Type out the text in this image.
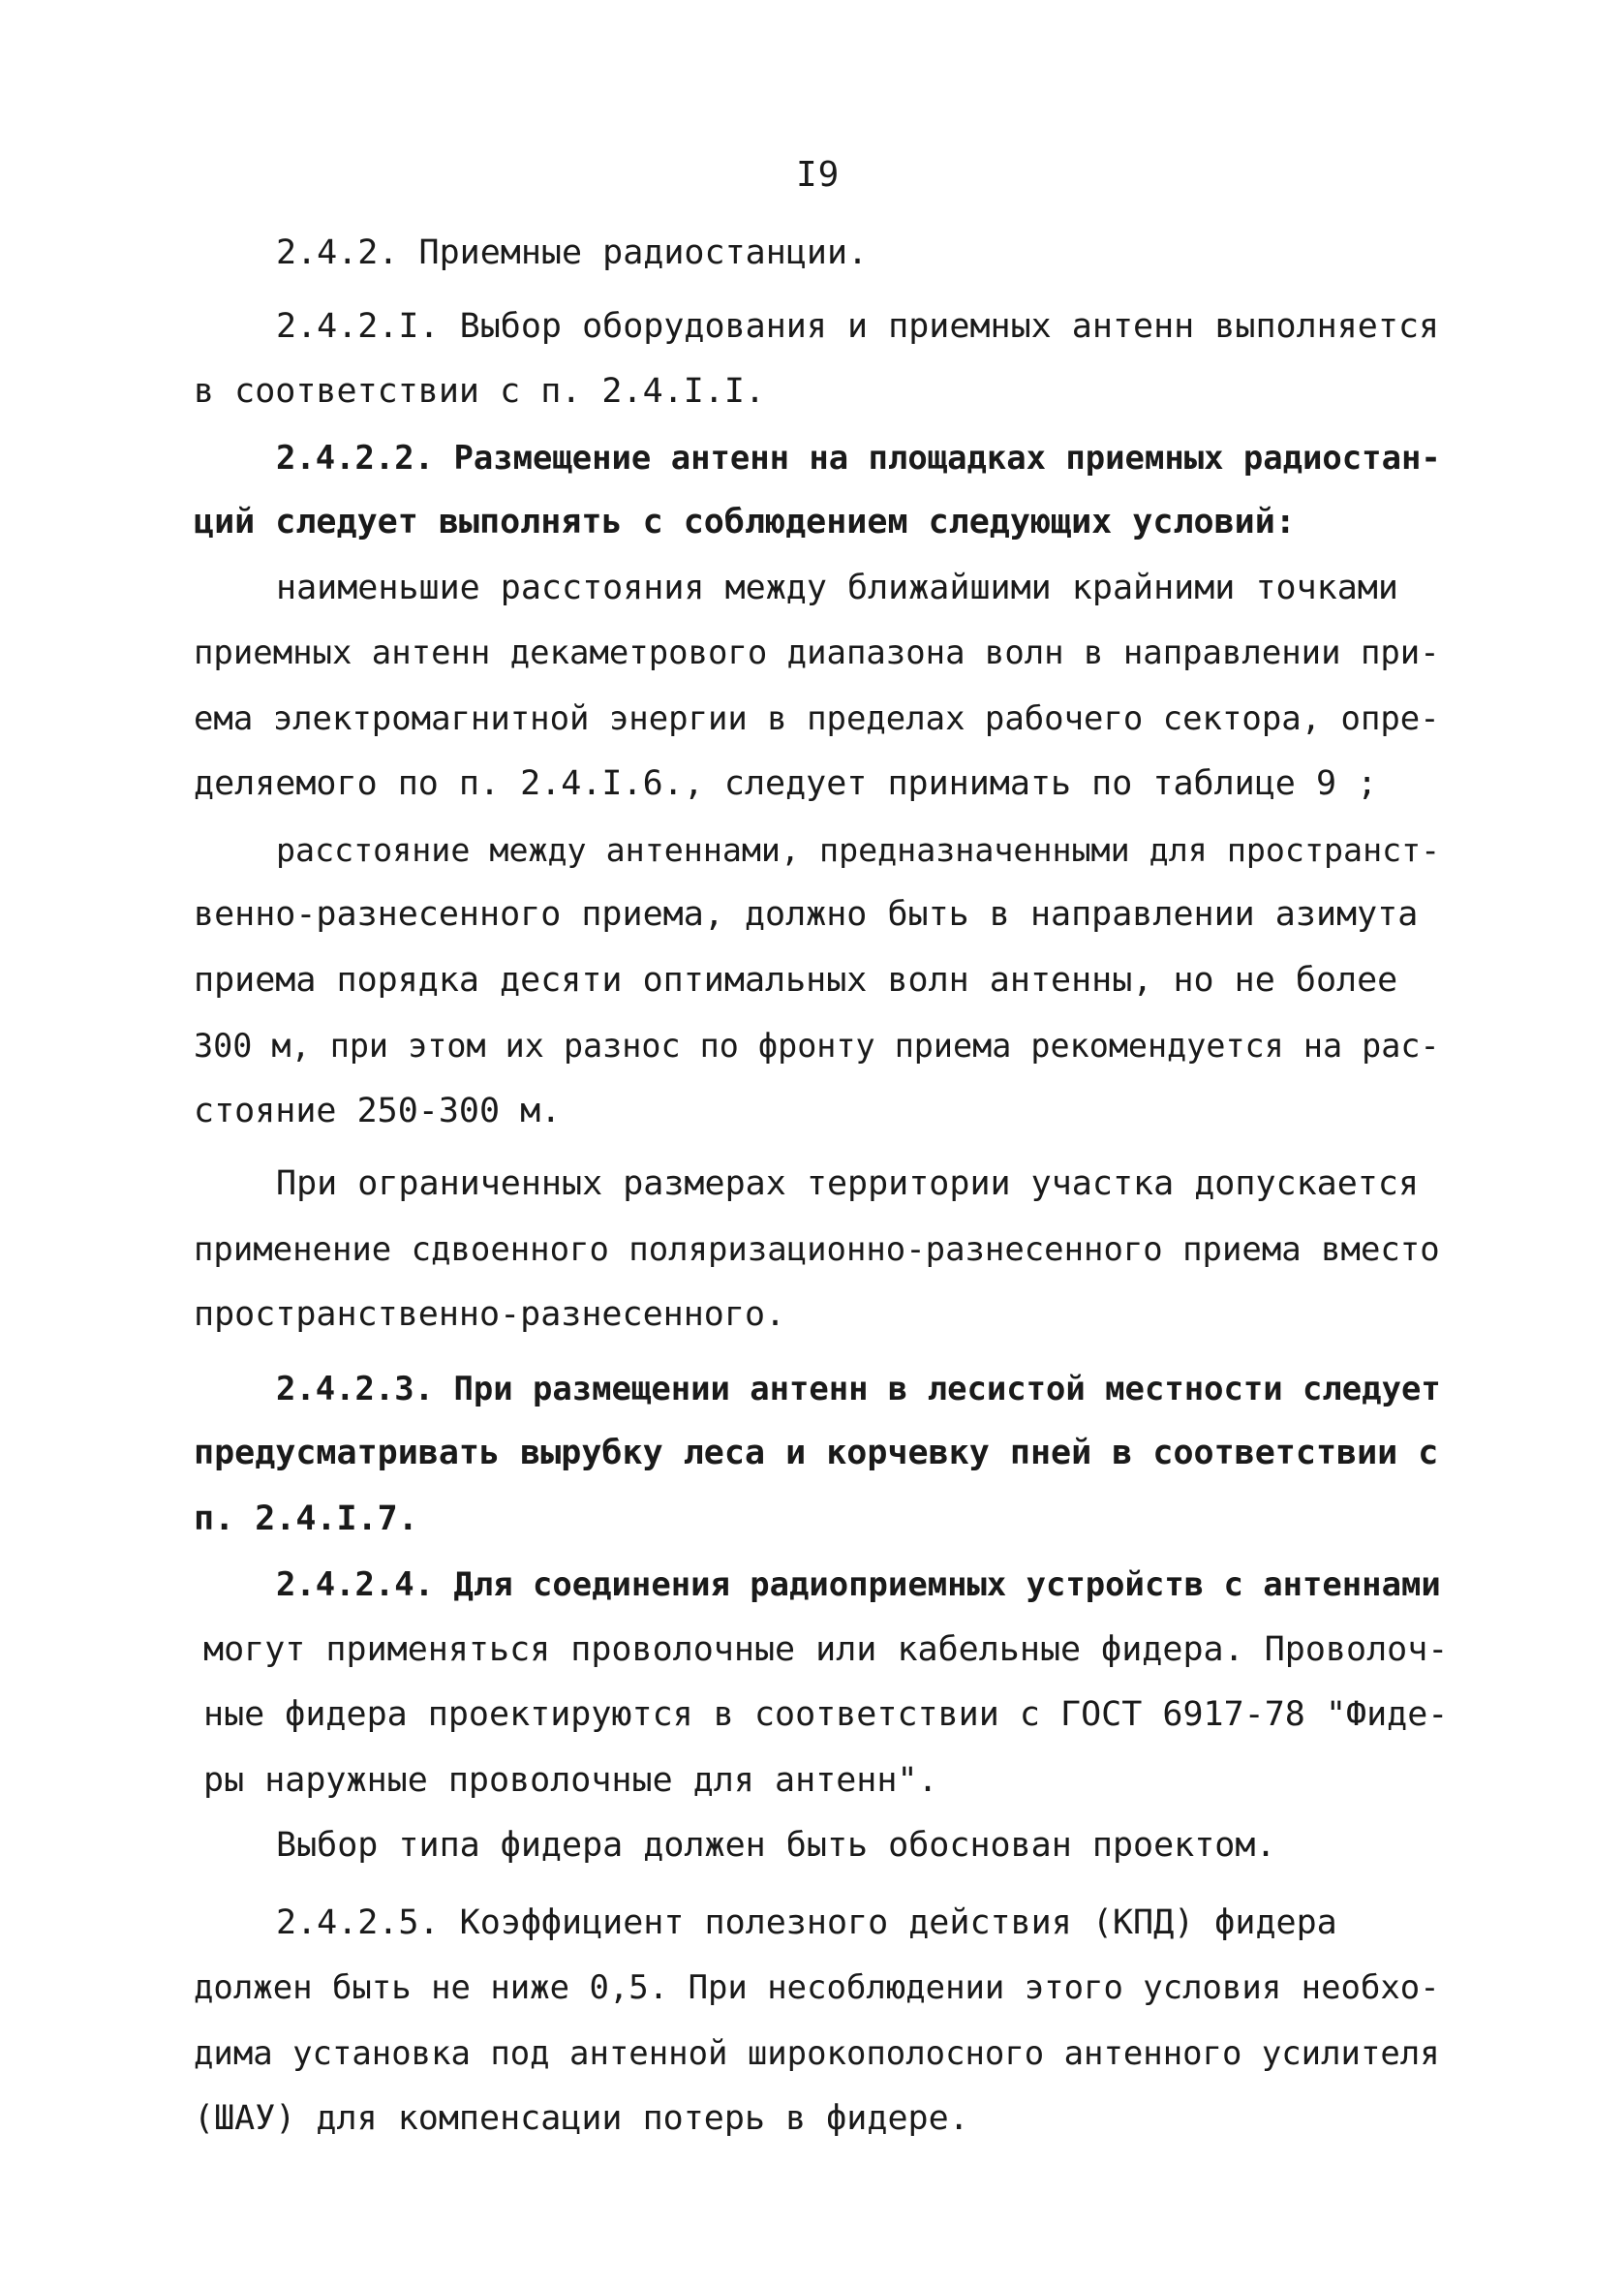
I9
2.4.2. Приемные радиостанции.
2.4.2.I. Выбор оборудования и приемных антенн выполняется
в соответствии с п. 2.4.I.I.
2.4.2.2. Размещение антенн на площадках приемных радиостан-
ций следует выполнять с соблюдением следующих условий:
наименьшие расстояния между ближайшими крайними точками
приемных антенн декаметрового диапазона волн в направлении при-
ема электромагнитной энергии в пределах рабочего сектора, опре-
деляемого по п. 2.4.I.6., следует принимать по таблице 9 ;
расстояние между антеннами, предназначенными для пространст-
венно-разнесенного приема, должно быть в направлении азимута
приема порядка десяти оптимальных волн антенны, но не более
300 м, при этом их разнос по фронту приема рекомендуется на рас-
стояние 250-300 м.
При ограниченных размерах территории участка допускается
применение сдвоенного поляризационно-разнесенного приема вместо
пространственно-разнесенного.
2.4.2.3. При размещении антенн в лесистой местности следует
предусматривать вырубку леса и корчевку пней в соответствии с
п. 2.4.I.7.
2.4.2.4. Для соединения радиоприемных устройств с антеннами
могут применяться проволочные или кабельные фидера. Проволоч-
ные фидера проектируются в соответствии с ГОСТ 6917-78 "Фиде-
ры наружные проволочные для антенн".
Выбор типа фидера должен быть обоснован проектом.
2.4.2.5. Коэффициент полезного действия (КПД) фидера
должен быть не ниже 0,5. При несоблюдении этого условия необхо-
дима установка под антенной широкополосного антенного усилителя
(ШАУ) для компенсации потерь в фидере.
